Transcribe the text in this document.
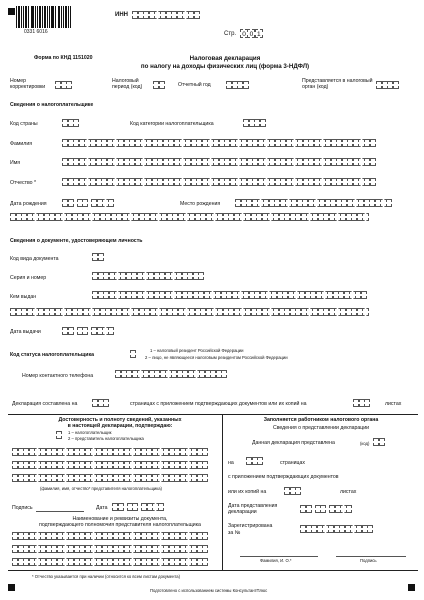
0331 6016
ИНН
Стр. 0 0 1
Форма по КНД 1151020	Налоговая декларация
по налогу на доходы физических лиц (форма 3-НДФЛ)
Номер корректировки
Налоговый период (код)	Отчетный год
Представляется в налоговый орган (код)
Сведения о налогоплательщике
Код страны	Код категории налогоплательщика
Фамилия
Имя
Отчество *
Дата рождения	Место рождения
Сведения о документе, удостоверяющем личность
Код вида документа
Серия и номер
Кем выдан
Дата выдачи
Код статуса налогоплательщика
1 – налоговый резидент Российской Федерации
2 – лицо, не являющееся налоговым резидентом Российской Федерации
Номер контактного телефона
Декларация составлена на	страницах с приложением подтверждающих документов или их копий на	листах
Достоверность и полноту сведений, указанных
в настоящей декларации, подтверждаю:
1 – налогоплательщик
2 – представитель налогоплательщика
(фамилия, имя, отчество* представителя налогоплательщика)
Подпись	Дата
Наименование и реквизиты документа,
подтверждающего полномочия представителя налогоплательщика
Заполняется работником налогового органа
Сведения о представлении декларации
Данная декларация представлена	(код)
на	страницах
с приложением подтверждающих документов
или их копий на	листах
Дата представления
декларации
Зарегистрирована
за №
Фамилия, И. О.*	Подпись
* Отчество указывается при наличии (относится ко всем листам документа)
Подготовлено с использованием системы КонсультантПлюс
